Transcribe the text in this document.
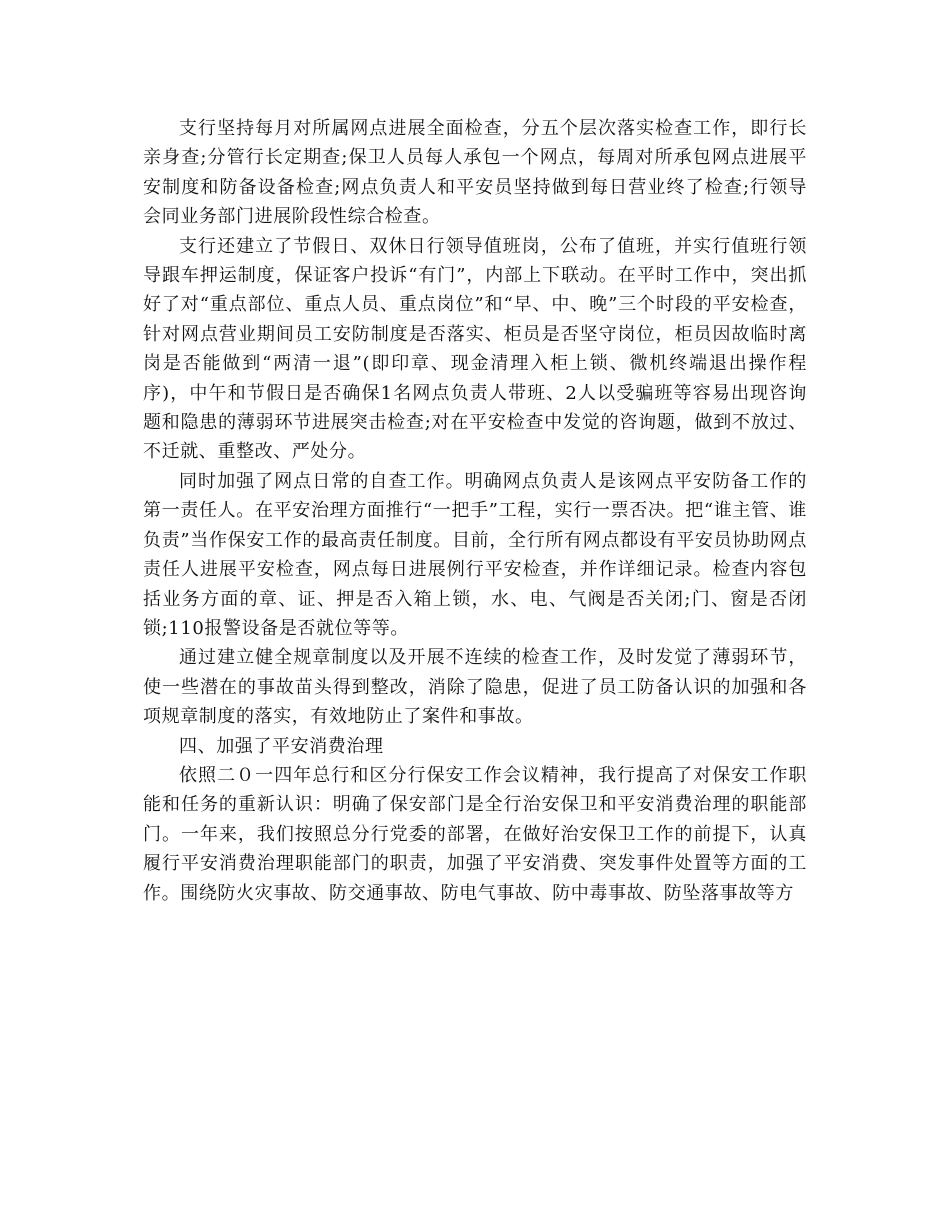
支行坚持每月对所属网点进展全面检查，分五个层次落实检查工作，即行长亲身查;分管行长定期查;保卫人员每人承包一个网点，每周对所承包网点进展平安制度和防备设备检查;网点负责人和平安员坚持做到每日营业终了检查;行领导会同业务部门进展阶段性综合检查。

支行还建立了节假日、双休日行领导值班岗，公布了值班，并实行值班行领导跟车押运制度，保证客户投诉“有门”，内部上下联动。在平时工作中，突出抓好了对“重点部位、重点人员、重点岗位”和“早、中、晚”三个时段的平安检查，针对网点营业期间员工安防制度是否落实、柜员是否坚守岗位，柜员因故临时离岗是否能做到“两清一退”(即印章、现金清理入柜上锁、微机终端退出操作程序)，中午和节假日是否确保1名网点负责人带班、2人以受骗班等容易出现咨询题和隐患的薄弱环节进展突击检查;对在平安检查中发觉的咨询题，做到不放过、不迁就、重整改、严处分。

同时加强了网点日常的自查工作。明确网点负责人是该网点平安防备工作的第一责任人。在平安治理方面推行“一把手”工程，实行一票否决。把“谁主管、谁负责”当作保安工作的最高责任制度。目前，全行所有网点都设有平安员协助网点责任人进展平安检查，网点每日进展例行平安检查，并作详细记录。检查内容包括业务方面的章、证、押是否入箱上锁，水、电、气阀是否关闭;门、窗是否闭锁;110报警设备是否就位等等。

通过建立健全规章制度以及开展不连续的检查工作，及时发觉了薄弱环节，使一些潜在的事故苗头得到整改，消除了隐患，促进了员工防备认识的加强和各项规章制度的落实，有效地防止了案件和事故。

四、加强了平安消费治理

依照二０一四年总行和区分行保安工作会议精神，我行提高了对保安工作职能和任务的重新认识：明确了保安部门是全行治安保卫和平安消费治理的职能部门。一年来，我们按照总分行党委的部署，在做好治安保卫工作的前提下，认真履行平安消费治理职能部门的职责，加强了平安消费、突发事件处置等方面的工作。围绕防火灾事故、防交通事故、防电气事故、防中毒事故、防坠落事故等方
